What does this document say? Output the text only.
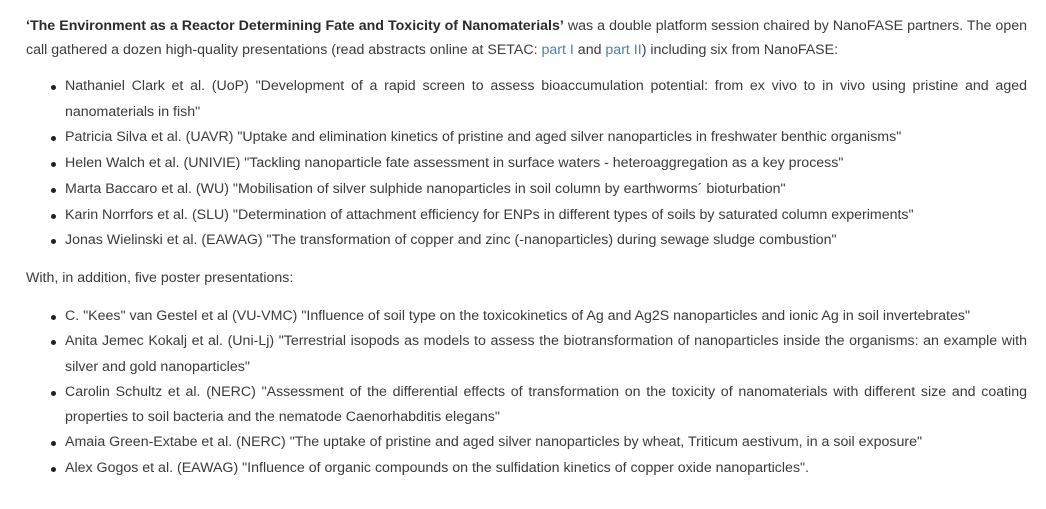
‘The Environment as a Reactor Determining Fate and Toxicity of Nanomaterials’ was a double platform session chaired by NanoFASE partners. The open call gathered a dozen high-quality presentations (read abstracts online at SETAC: part I and part II) including six from NanoFASE:

Nathaniel Clark et al. (UoP) "Development of a rapid screen to assess bioaccumulation potential: from ex vivo to in vivo using pristine and aged nanomaterials in fish"
Patricia Silva et al. (UAVR) "Uptake and elimination kinetics of pristine and aged silver nanoparticles in freshwater benthic organisms"
Helen Walch et al. (UNIVIE) "Tackling nanoparticle fate assessment in surface waters - heteroaggregation as a key process"
Marta Baccaro et al. (WU) "Mobilisation of silver sulphide nanoparticles in soil column by earthworms´ bioturbation"
Karin Norrfors et al. (SLU) "Determination of attachment efficiency for ENPs in different types of soils by saturated column experiments"
Jonas Wielinski et al. (EAWAG) "The transformation of copper and zinc (-nanoparticles) during sewage sludge combustion"

With, in addition, five poster presentations:

C. "Kees" van Gestel et al (VU-VMC) "Influence of soil type on the toxicokinetics of Ag and Ag2S nanoparticles and ionic Ag in soil invertebrates"
Anita Jemec Kokalj et al. (Uni-Lj) "Terrestrial isopods as models to assess the biotransformation of nanoparticles inside the organisms: an example with silver and gold nanoparticles"
Carolin Schultz et al. (NERC) "Assessment of the differential effects of transformation on the toxicity of nanomaterials with different size and coating properties to soil bacteria and the nematode Caenorhabditis elegans"
Amaia Green-Extabe et al. (NERC) "The uptake of pristine and aged silver nanoparticles by wheat, Triticum aestivum, in a soil exposure"
Alex Gogos et al. (EAWAG) "Influence of organic compounds on the sulfidation kinetics of copper oxide nanoparticles".
